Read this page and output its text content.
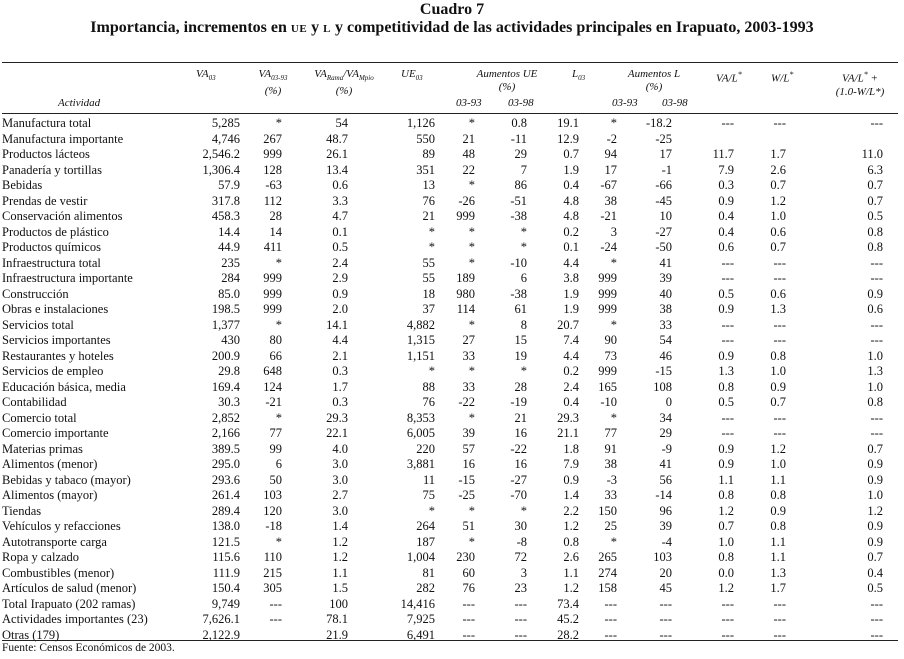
Cuadro 7
Importancia, incrementos en UE y L y competitividad de las actividades principales en Irapuato, 2003-1993
Actividad
$VA_{03}$	$VA_{03-93}$
(%)
$VA_{Rama}/VA_{Mpio}$
(%)
$UE_{03}$	Aumentos UE
(%)
03-93 03-98
$L_{03}$	Aumentos L
(%)
03-93 03-98
VA/L*	W/L*	VA/L* +
(1.0-W/L*)
Manufactura total	5,285	*	54	1,126	*	0.8	19.1	*	-18.2	---	---	---
Manufactura importante	4,746	267	48.7	550	21	-11	12.9	-2	-25			
Productos lácteos	2,546.2	999	26.1	89	48	29	0.7	94	17	11.7	1.7	11.0
Panadería y tortillas	1,306.4	128	13.4	351	22	7	1.9	17	-1	7.9	2.6	6.3
Bebidas	57.9	-63	0.6	13	*	86	0.4	-67	-66	0.3	0.7	0.7
Prendas de vestir	317.8	112	3.3	76	-26	-51	4.8	38	-45	0.9	1.2	0.7
Conservación alimentos	458.3	28	4.7	21	999	-38	4.8	-21	10	0.4	1.0	0.5
Productos de plástico	14.4	14	0.1	*	*	*	0.2	3	-27	0.4	0.6	0.8
Productos químicos	44.9	411	0.5	*	*	*	0.1	-24	-50	0.6	0.7	0.8
Infraestructura total	235	*	2.4	55	*	-10	4.4	*	41	---	---	---
Infraestructura importante	284	999	2.9	55	189	6	3.8	999	39	---	---	---
Construcción	85.0	999	0.9	18	980	-38	1.9	999	40	0.5	0.6	0.9
Obras e instalaciones	198.5	999	2.0	37	114	61	1.9	999	38	0.9	1.3	0.6
Servicios total	1,377	*	14.1	4,882	*	8	20.7	*	33	---	---	---
Servicios importantes	430	80	4.4	1,315	27	15	7.4	90	54	---	---	---
Restaurantes y hoteles	200.9	66	2.1	1,151	33	19	4.4	73	46	0.9	0.8	1.0
Servicios de empleo	29.8	648	0.3	*	*	*	0.2	999	-15	1.3	1.0	1.3
Educación básica, media	169.4	124	1.7	88	33	28	2.4	165	108	0.8	0.9	1.0
Contabilidad	30.3	-21	0.3	76	-22	-19	0.4	-10	0	0.5	0.7	0.8
Comercio total	2,852	*	29.3	8,353	*	21	29.3	*	34	---	---	---
Comercio importante	2,166	77	22.1	6,005	39	16	21.1	77	29	---	---	---
Materias primas	389.5	99	4.0	220	57	-22	1.8	91	-9	0.9	1.2	0.7
Alimentos (menor)	295.0	6	3.0	3,881	16	16	7.9	38	41	0.9	1.0	0.9
Bebidas y tabaco (mayor)	293.6	50	3.0	11	-15	-27	0.9	-3	56	1.1	1.1	0.9
Alimentos (mayor)	261.4	103	2.7	75	-25	-70	1.4	33	-14	0.8	0.8	1.0
Tiendas	289.4	120	3.0	*	*	*	2.2	150	96	1.2	0.9	1.2
Vehículos y refacciones	138.0	-18	1.4	264	51	30	1.2	25	39	0.7	0.8	0.9
Autotransporte carga	121.5	*	1.2	187	*	-8	0.8	*	-4	1.0	1.1	0.9
Ropa y calzado	115.6	110	1.2	1,004	230	72	2.6	265	103	0.8	1.1	0.7
Combustibles (menor)	111.9	215	1.1	81	60	3	1.1	274	20	0.0	1.3	0.4
Artículos de salud (menor)	150.4	305	1.5	282	76	23	1.2	158	45	1.2	1.7	0.5
Total Irapuato (202 ramas)	9,749	---	100	14,416	---	---	73.4	---	---	---	---	---
Actividades importantes (23)	7,626.1	---	78.1	7,925	---	---	45.2	---	---	---	---	---
Otras (179)	2,122.9		21.9	6,491	---	---	28.2	---	---	---	---	---
Fuente: Censos Económicos de 2003.
